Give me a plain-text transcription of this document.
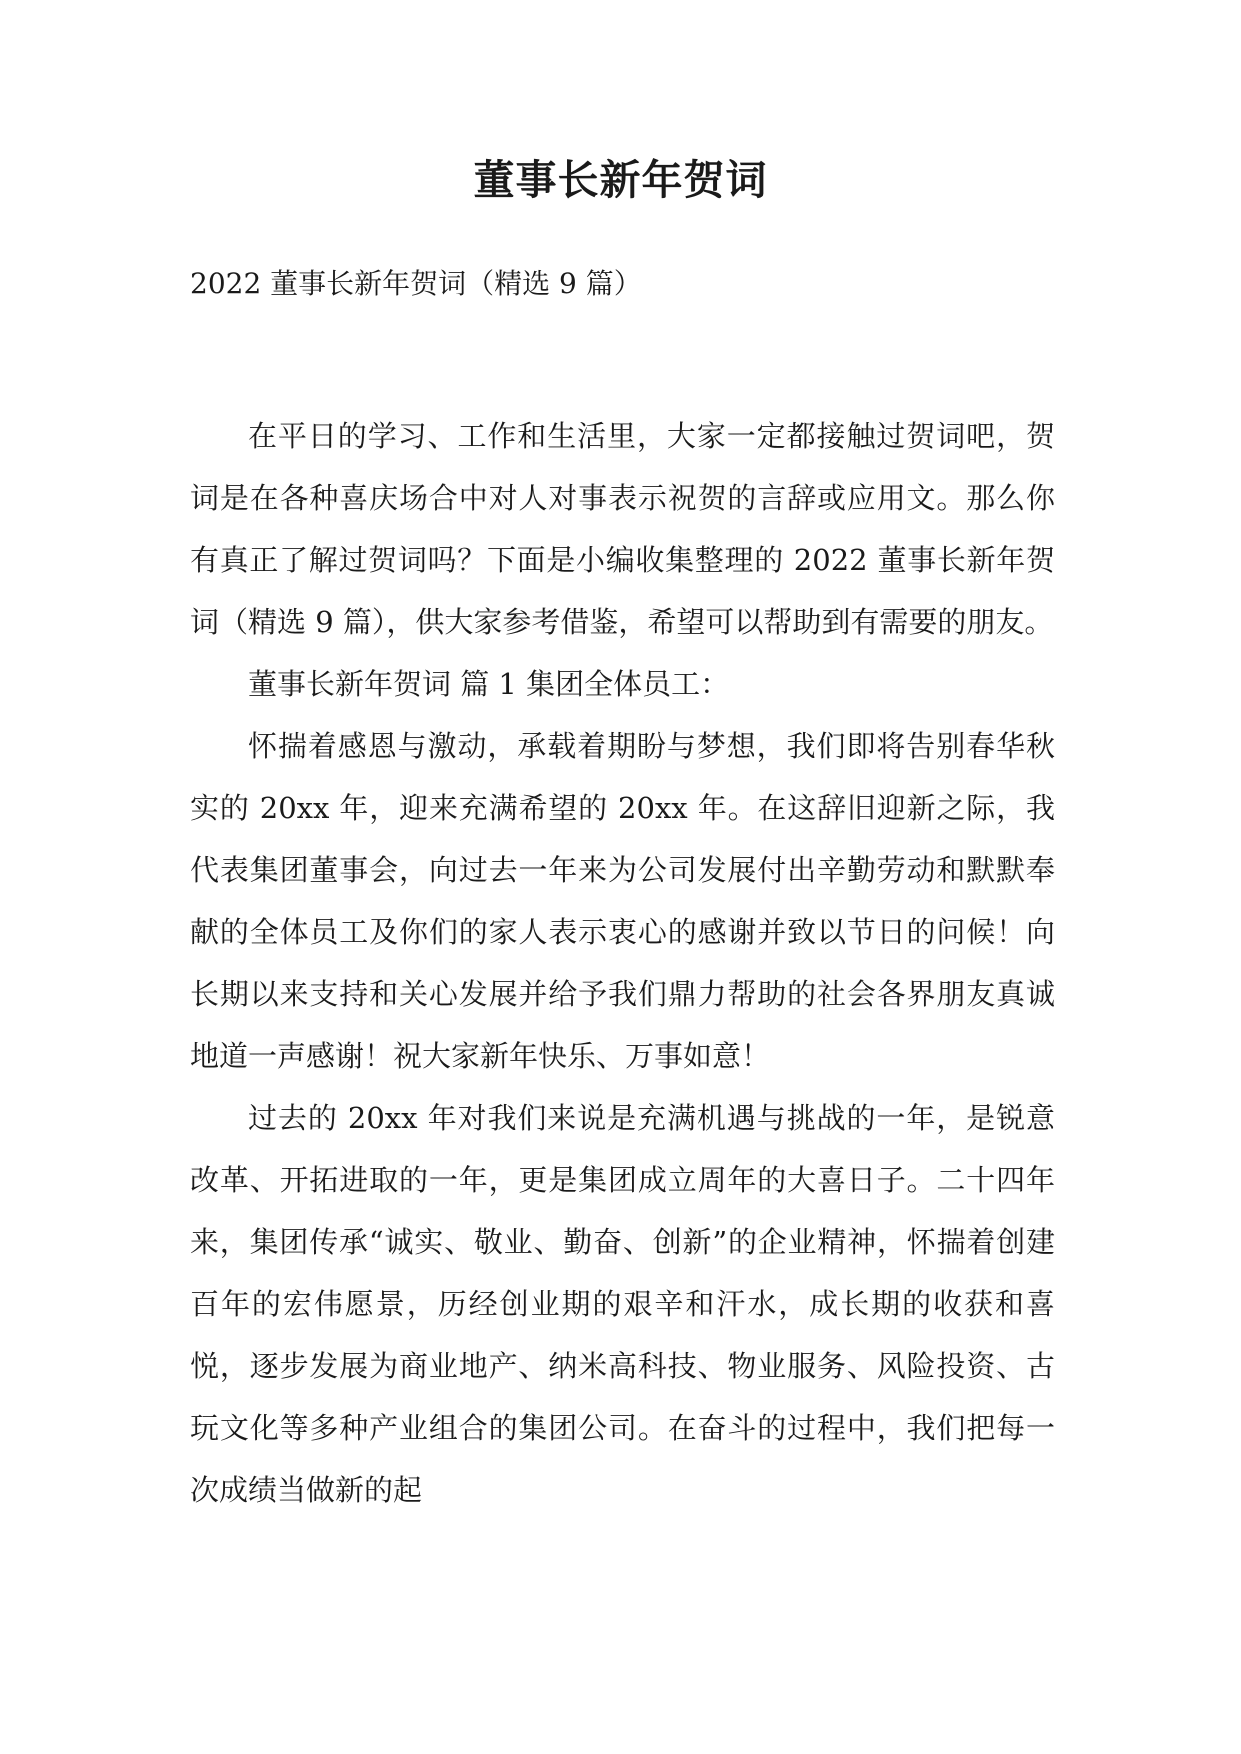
董事长新年贺词

2022 董事长新年贺词（精选 9 篇）

在平日的学习、工作和生活里，大家一定都接触过贺词吧，贺词是在各种喜庆场合中对人对事表示祝贺的言辞或应用文。那么你有真正了解过贺词吗？下面是小编收集整理的 2022 董事长新年贺词（精选 9 篇），供大家参考借鉴，希望可以帮助到有需要的朋友。

董事长新年贺词 篇 1 集团全体员工：

怀揣着感恩与激动，承载着期盼与梦想，我们即将告别春华秋实的 20xx 年，迎来充满希望的 20xx 年。在这辞旧迎新之际，我代表集团董事会，向过去一年来为公司发展付出辛勤劳动和默默奉献的全体员工及你们的家人表示衷心的感谢并致以节日的问候！向长期以来支持和关心发展并给予我们鼎力帮助的社会各界朋友真诚地道一声感谢！祝大家新年快乐、万事如意！

过去的 20xx 年对我们来说是充满机遇与挑战的一年，是锐意改革、开拓进取的一年，更是集团成立周年的大喜日子。二十四年来，集团传承“诚实、敬业、勤奋、创新”的企业精神，怀揣着创建百年的宏伟愿景，历经创业期的艰辛和汗水，成长期的收获和喜悦，逐步发展为商业地产、纳米高科技、物业服务、风险投资、古玩文化等多种产业组合的集团公司。在奋斗的过程中，我们把每一次成绩当做新的起
